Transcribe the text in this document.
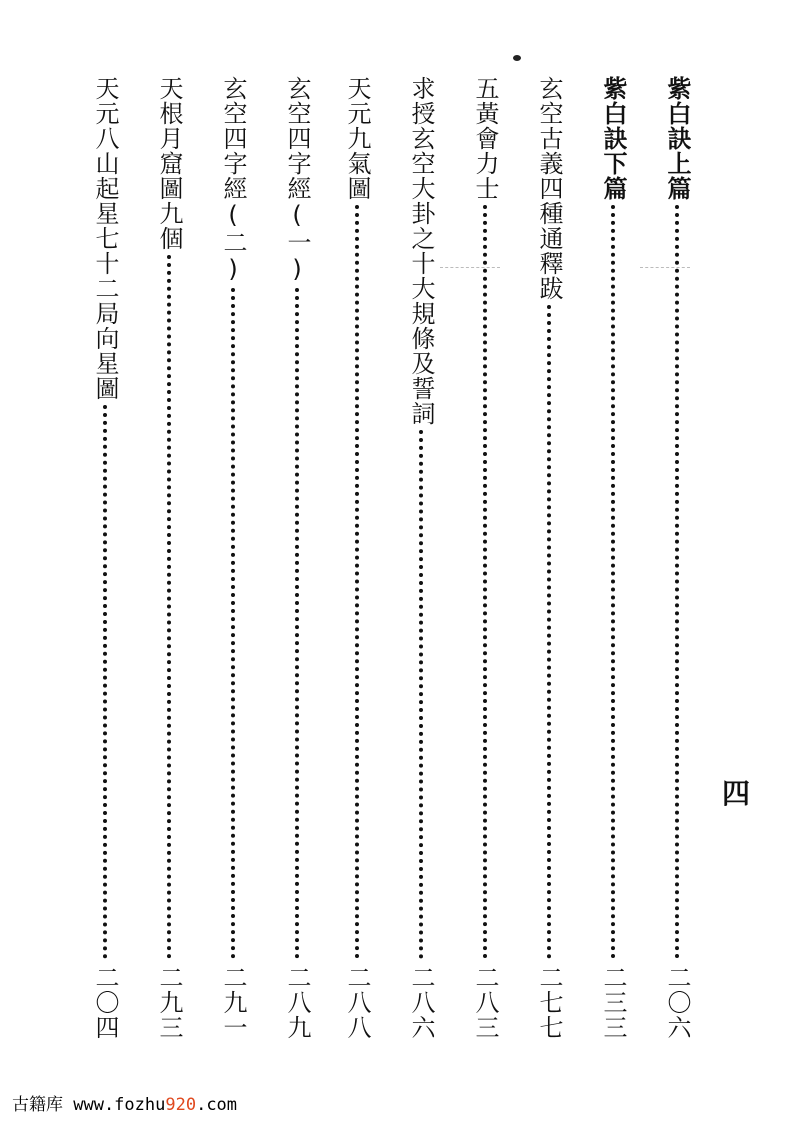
紫白訣上篇
二〇六
紫白訣下篇
二三三
玄空古義四種通釋跋
二七七
五黃會力士
二八三
求授玄空大卦之十大規條及誓詞
二八六
天元九氣圖
二八八
玄空四字經(一)
二八九
玄空四字經(二)
二九一
天根月窟圖九個
二九三
天元八山起星七十二局向星圖
二〇四
四
古籍库 www.fozhu920.com
